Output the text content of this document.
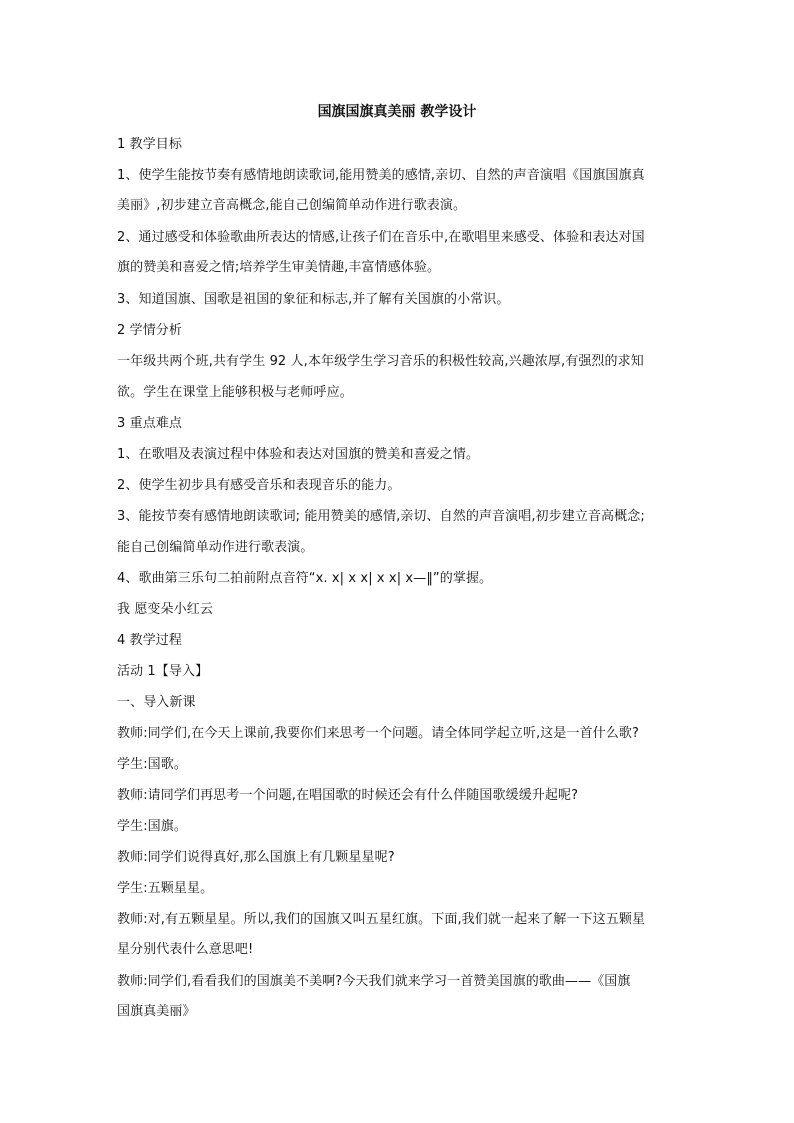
国旗国旗真美丽 教学设计
1 教学目标
1、使学生能按节奏有感情地朗读歌词,能用赞美的感情,亲切、自然的声音演唱《国旗国旗真
美丽》,初步建立音高概念,能自己创编简单动作进行歌表演。
2、通过感受和体验歌曲所表达的情感,让孩子们在音乐中,在歌唱里来感受、体验和表达对国
旗的赞美和喜爱之情;培养学生审美情趣,丰富情感体验。
3、知道国旗、国歌是祖国的象征和标志,并了解有关国旗的小常识。
2 学情分析
一年级共两个班,共有学生 92 人,本年级学生学习音乐的积极性较高,兴趣浓厚,有强烈的求知
欲。学生在课堂上能够积极与老师呼应。
3 重点难点
1、在歌唱及表演过程中体验和表达对国旗的赞美和喜爱之情。
2、使学生初步具有感受音乐和表现音乐的能力。
3、能按节奏有感情地朗读歌词; 能用赞美的感情,亲切、自然的声音演唱,初步建立音高概念;
能自己创编简单动作进行歌表演。
4、歌曲第三乐句二拍前附点音符“x. x| x x| x x| x—‖”的掌握。
我 愿变朵小红云
4 教学过程
活动 1【导入】
一、导入新课
教师:同学们,在今天上课前,我要你们来思考一个问题。请全体同学起立听,这是一首什么歌?
学生:国歌。
教师:请同学们再思考一个问题,在唱国歌的时候还会有什么伴随国歌缓缓升起呢?
学生:国旗。
教师:同学们说得真好,那么国旗上有几颗星星呢?
学生:五颗星星。
教师:对,有五颗星星。所以,我们的国旗又叫五星红旗。下面,我们就一起来了解一下这五颗星
星分别代表什么意思吧!
教师:同学们,看看我们的国旗美不美啊?今天我们就来学习一首赞美国旗的歌曲——《国旗
国旗真美丽》
